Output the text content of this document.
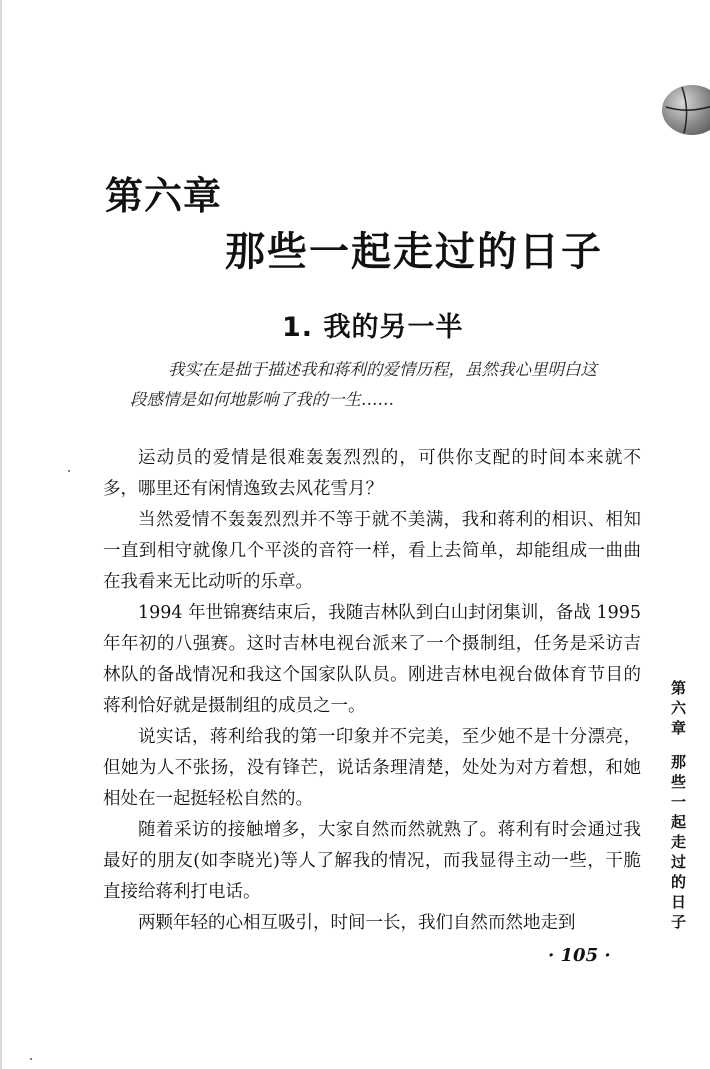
第六章
那些一起走过的日子
1. 我的另一半

我实在是拙于描述我和蒋利的爱情历程，虽然我心里明白这段感情是如何地影响了我的一生……

运动员的爱情是很难轰轰烈烈的，可供你支配的时间本来就不多，哪里还有闲情逸致去风花雪月？

当然爱情不轰轰烈烈并不等于就不美满，我和蒋利的相识、相知一直到相守就像几个平淡的音符一样，看上去简单，却能组成一曲曲在我看来无比动听的乐章。

1994 年世锦赛结束后，我随吉林队到白山封闭集训，备战 1995 年年初的八强赛。这时吉林电视台派来了一个摄制组，任务是采访吉林队的备战情况和我这个国家队队员。刚进吉林电视台做体育节目的蒋利恰好就是摄制组的成员之一。

说实话，蒋利给我的第一印象并不完美，至少她不是十分漂亮，但她为人不张扬，没有锋芒，说话条理清楚，处处为对方着想，和她相处在一起挺轻松自然的。

随着采访的接触增多，大家自然而然就熟了。蒋利有时会通过我最好的朋友(如李晓光)等人了解我的情况，而我显得主动一些，干脆直接给蒋利打电话。

两颗年轻的心相互吸引，时间一长，我们自然而然地走到

第六章那些一起走过的日子
· 105 ·
